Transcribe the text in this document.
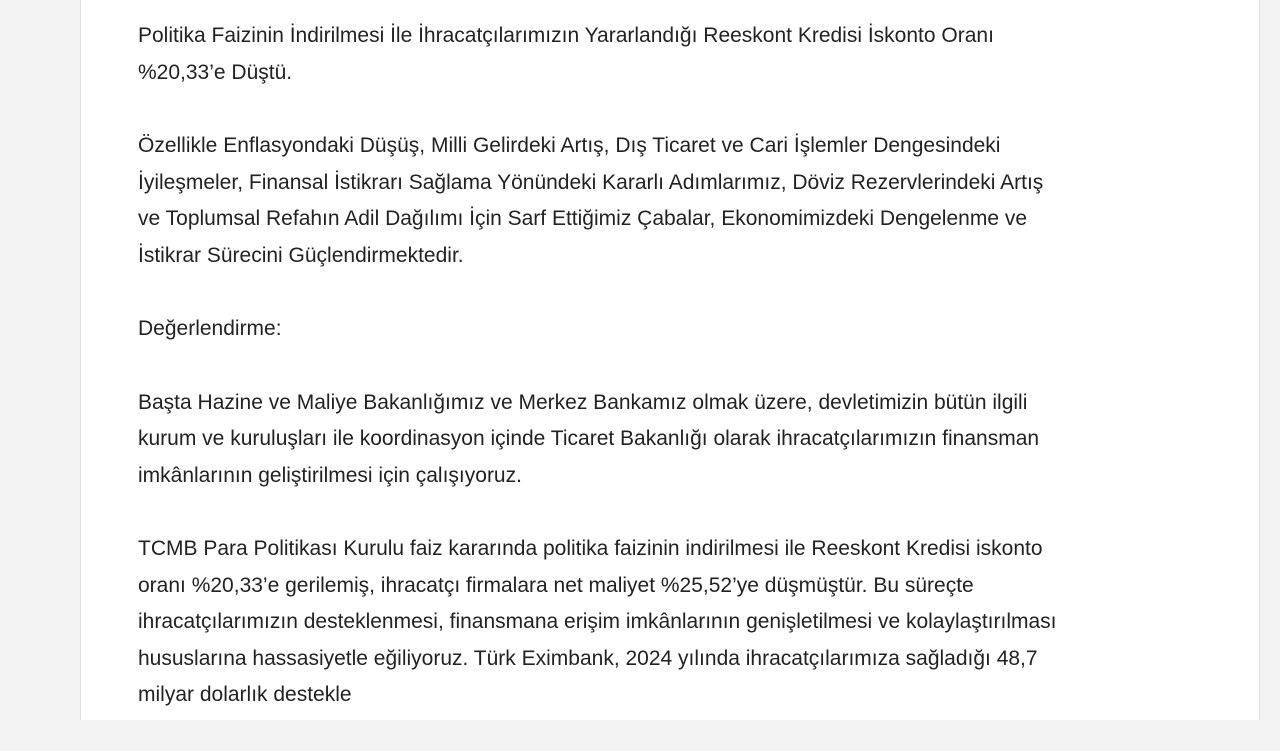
Politika Faizinin İndirilmesi İle İhracatçılarımızın Yararlandığı Reeskont Kredisi İskonto Oranı %20,33’e Düştü.

Özellikle Enflasyondaki Düşüş, Milli Gelirdeki Artış, Dış Ticaret ve Cari İşlemler Dengesindeki İyileşmeler, Finansal İstikrarı Sağlama Yönündeki Kararlı Adımlarımız, Döviz Rezervlerindeki Artış ve Toplumsal Refahın Adil Dağılımı İçin Sarf Ettiğimiz Çabalar, Ekonomimizdeki Dengelenme ve İstikrar Sürecini Güçlendirmektedir.

Değerlendirme:

Başta Hazine ve Maliye Bakanlığımız ve Merkez Bankamız olmak üzere, devletimizin bütün ilgili kurum ve kuruluşları ile koordinasyon içinde Ticaret Bakanlığı olarak ihracatçılarımızın finansman imkânlarının geliştirilmesi için çalışıyoruz.

TCMB Para Politikası Kurulu faiz kararında politika faizinin indirilmesi ile Reeskont Kredisi iskonto oranı %20,33’e gerilemiş, ihracatçı firmalara net maliyet %25,52’ye düşmüştür. Bu süreçte ihracatçılarımızın desteklenmesi, finansmana erişim imkânlarının genişletilmesi ve kolaylaştırılması hususlarına hassasiyetle eğiliyoruz. Türk Eximbank, 2024 yılında ihracatçılarımıza sağladığı 48,7 milyar dolarlık destekle
